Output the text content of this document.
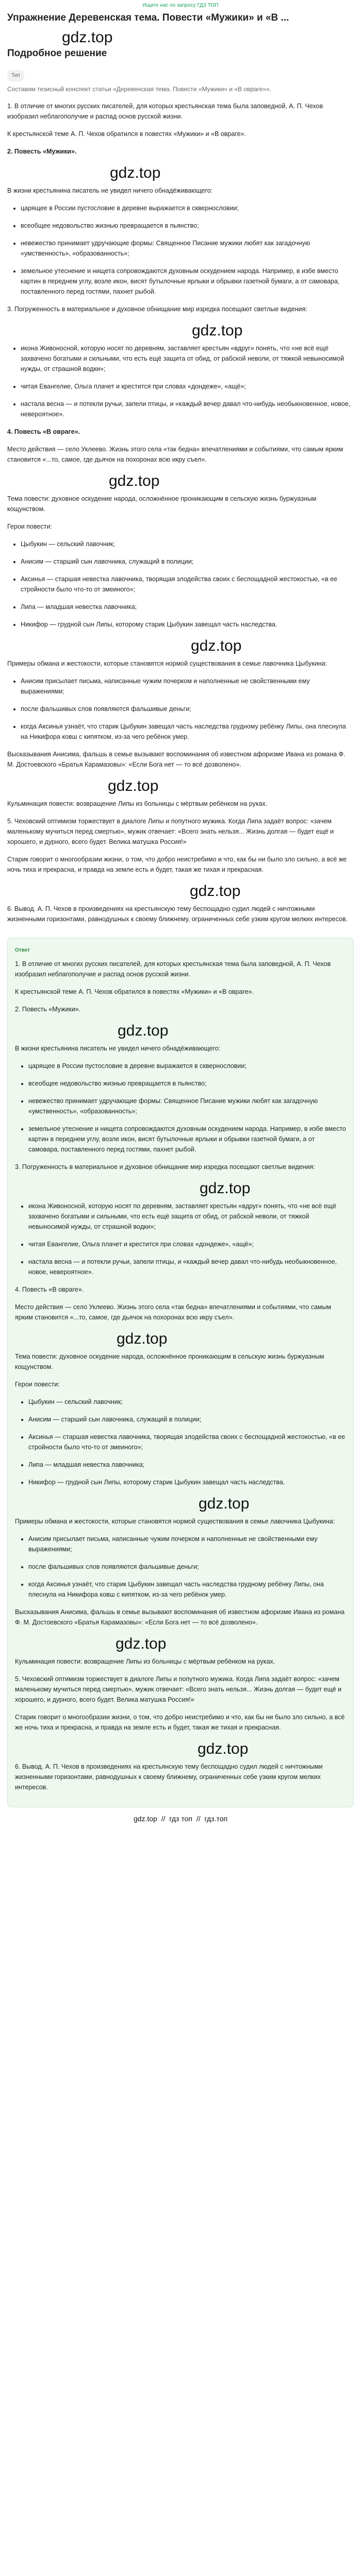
Ищите нас по запросу ГДЗ ТОП
Упражнение Деревенская тема. Повести «Мужики» и «В ...
gdz.top
Подробное решение
Тип
Составим тезисный конспект статьи «Деревенская тема. Повести «Мужики» и «В овраге»».
1. В отличие от многих русских писателей, для которых крестьянская тема была заповедной, А. П. Чехов изобразил неблагополучие и распад основ русской жизни.
К крестьянской теме А. П. Чехов обратился в повестях «Мужики» и «В овраге».
2. Повесть «Мужики».
gdz.top
В жизни крестьянина писатель не увидел ничего обнадёживающего:
• царящее в России пустословие в деревне выражается в сквернословии;
• всеобщее недовольство жизнью превращается в пьянство;
• невежество принимает удручающие формы: Священное Писание мужики любят как загадочную «умственность», «образованность»;
• земельное утеснение и нищета сопровождаются духовным оскудением народа. Например, в избе вместо картин в переднем углу, возле икон, висят бутылочные ярлыки и обрывки газетной бумаги, а от самовара, поставленного перед гостями, пахнет рыбой.
3. Погруженность в материальное и духовное обнищание мир изредка посещают светлые видения:
gdz.top
• икона Живоносной, которую носят по деревням, заставляет крестьян «вдруг» понять, что «не всё ещё захвачено богатыми и сильными, что есть ещё защита от обид, от рабской неволи, от тяжкой невыносимой нужды, от страшной водки»;
• читая Евангелие, Ольга плачет и крестится при словах «дондеже», «ащё»;
• настала весна — и потекли ручьи, запели птицы, и «каждый вечер давал что-нибудь необыкновенное, новое, невероятное».
4. Повесть «В овраге».
Место действия — село Уклеево. Жизнь этого села «так бедна» впечатлениями и событиями, что самым ярким становится «...то, самое, где дьячок на похоронах всю икру съел».
gdz.top
Тема повести: духовное оскудение народа, осложнённое проникающим в сельскую жизнь буржуазным кощунством.
Герои повести:
• Цыбукин — сельский лавочник;
• Анисим — старший сын лавочника, служащий в полиции;
• Аксинья — старшая невестка лавочника, творящая злодейства своих с беспощадной жестокостью, «в ее стройности было что-то от змеиного»;
• Липа — младшая невестка лавочника;
• Никифор — грудной сын Липы, которому старик Цыбукин завещал часть наследства.
gdz.top
Примеры обмана и жестокости, которые становятся нормой существования в семье лавочника Цыбукина:
• Анисим присылает письма, написанные чужим почерком и наполненные не свойственными ему выражениями;
• после фальшивых слов появляются фальшивые деньги;
• когда Аксинья узнаёт, что старик Цыбукин завещал часть наследства грудному ребёнку Липы, она плеснула на Никифора ковш с кипятком, из-за чего ребёнок умер.
Высказывания Анисима, фальшь в семье вызывают воспоминания об известном афоризме Ивана из романа Ф. М. Достоевского «Братья Карамазовы»: «Если Бога нет — то всё дозволено».
gdz.top
Кульминация повести: возвращение Липы из больницы с мёртвым ребёнком на руках.
5. Чеховский оптимизм торжествует в диалоге Липы и попутного мужика. Когда Липа задаёт вопрос: «зачем маленькому мучиться перед смертью», мужик отвечает: «Всего знать нельзя... Жизнь долгая — будет ещё и хорошего, и дурного, всего будет. Велика матушка Россия!»
Старик говорит о многообразии жизни, о том, что добро неистребимо и что, как бы ни было зло сильно, а всё же ночь тиха и прекрасна, и правда на земле есть и будет, такая же тихая и прекрасная.
gdz.top
6. Вывод. А. П. Чехов в произведениях на крестьянскую тему беспощадно судил людей с ничтожными жизненными горизонтами, равнодушных к своему ближнему, ограниченных себе узким кругом мелких интересов.
Ответ
1. В отличие от многих русских писателей, для которых крестьянская тема была заповедной, А. П. Чехов изобразил неблагополучие и распад основ русской жизни.
К крестьянской теме А. П. Чехов обратился в повестях «Мужики» и «В овраге».
2. Повесть «Мужики».
gdz.top
В жизни крестьянина писатель не увидел ничего обнадёживающего:
• царящее в России пустословие в деревне выражается в сквернословии;
• всеобщее недовольство жизнью превращается в пьянство;
• невежество принимает удручающие формы: Священное Писание мужики любят как загадочную «умственность», «образованность»;
• земельное утеснение и нищета сопровождаются духовным оскудением народа. Например, в избе вместо картин в переднем углу, возле икон, висят бутылочные ярлыки и обрывки газетной бумаги, а от самовара, поставленного перед гостями, пахнет рыбой.
3. Погруженность в материальное и духовное обнищание мир изредка посещают светлые видения:
gdz.top
• икона Живоносной, которую носят по деревням, заставляет крестьян «вдруг» понять, что «не всё ещё захвачено богатыми и сильными, что есть ещё защита от обид, от рабской неволи, от тяжкой невыносимой нужды, от страшной водки»;
• читая Евангелие, Ольга плачет и крестится при словах «дондеже», «ащё»;
• настала весна — и потекли ручьи, запели птицы, и «каждый вечер давал что-нибудь необыкновенное, новое, невероятное».
4. Повесть «В овраге».
Место действия — село Уклеево. Жизнь этого села «так бедна» впечатлениями и событиями, что самым ярким становится «...то, самое, где дьячок на похоронах всю икру съел».
gdz.top
Тема повести: духовное оскудение народа, осложнённое проникающим в сельскую жизнь буржуазным кощунством.
Герои повести:
• Цыбукин — сельский лавочник;
• Анисим — старший сын лавочника, служащий в полиции;
• Аксинья — старшая невестка лавочника, творящая злодейства своих с беспощадной жестокостью, «в ее стройности было что-то от змеиного»;
• Липа — младшая невестка лавочника;
• Никифор — грудной сын Липы, которому старик Цыбукин завещал часть наследства.
gdz.top
Примеры обмана и жестокости, которые становятся нормой существования в семье лавочника Цыбукина:
• Анисим присылает письма, написанные чужим почерком и наполненные не свойственными ему выражениями;
• после фальшивых слов появляются фальшивые деньги;
• когда Аксинья узнаёт, что старик Цыбукин завещал часть наследства грудному ребёнку Липы, она плеснула на Никифора ковш с кипятком, из-за чего ребёнок умер.
Высказывания Анисима, фальшь в семье вызывают воспоминания об известном афоризме Ивана из романа Ф. М. Достоевского «Братья Карамазовы»: «Если Бога нет — то всё дозволено».
gdz.top
Кульминация повести: возвращение Липы из больницы с мёртвым ребёнком на руках.
5. Чеховский оптимизм торжествует в диалоге Липы и попутного мужика. Когда Липа задаёт вопрос: «зачем маленькому мучиться перед смертью», мужик отвечает: «Всего знать нельзя... Жизнь долгая — будет ещё и хорошего, и дурного, всего будет. Велика матушка Россия!»
Старик говорит о многообразии жизни, о том, что добро неистребимо и что, как бы ни было зло сильно, а всё же ночь тиха и прекрасна, и правда на земле есть и будет, такая же тихая и прекрасная.
gdz.top
6. Вывод. А. П. Чехов в произведениях на крестьянскую тему беспощадно судил людей с ничтожными жизненными горизонтами, равнодушных к своему ближнему, ограниченных себе узким кругом мелких интересов.
gdz.top // гдз топ // гдз.топ
